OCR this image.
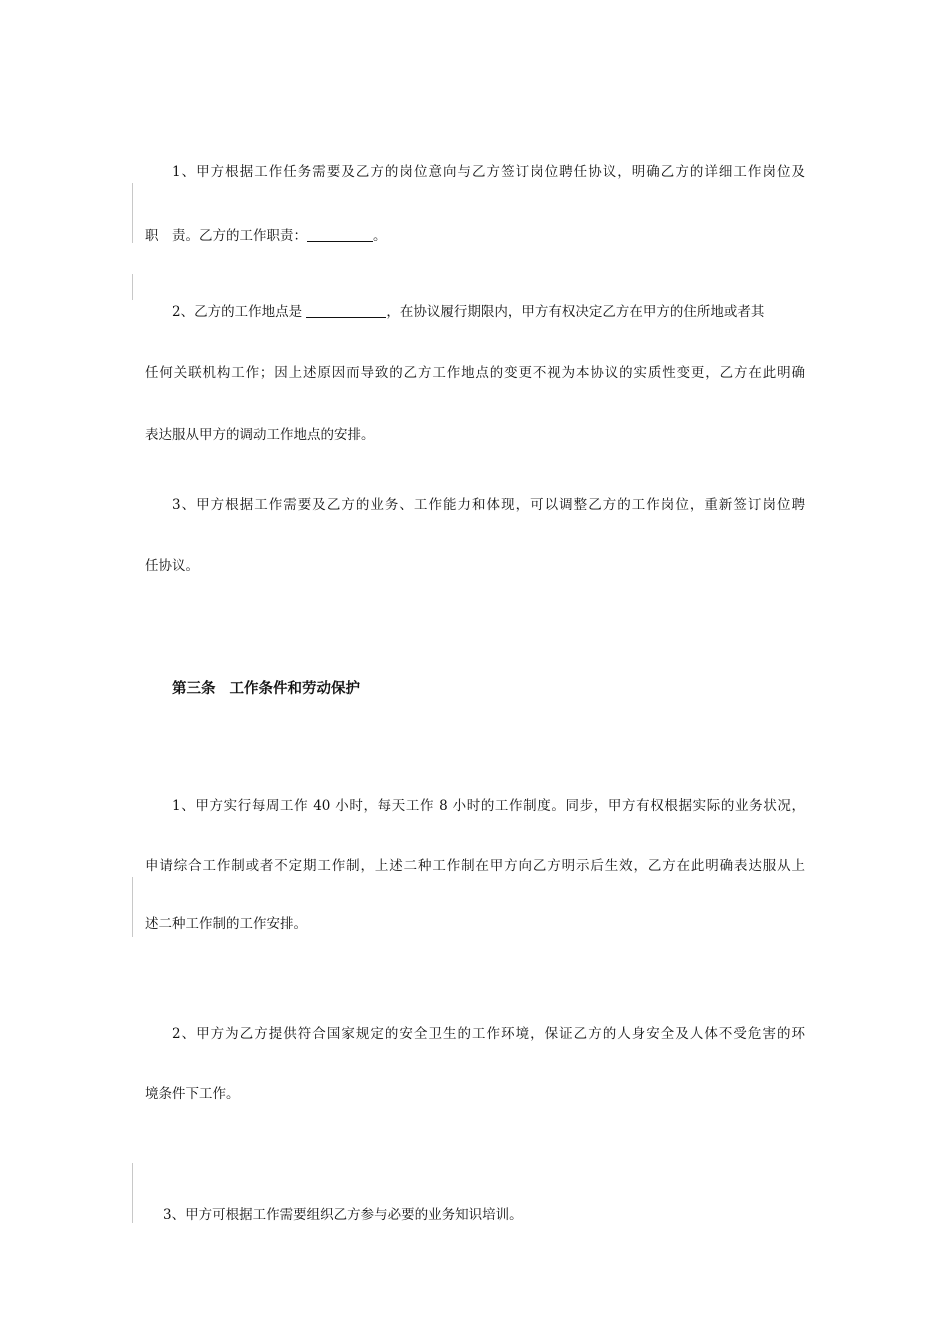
1、甲方根据工作任务需要及乙方的岗位意向与乙方签订岗位聘任协议，明确乙方的详细工作岗位及
职　责。乙方的工作职责：	。
2、乙方的工作地点是	，在协议履行期限内，甲方有权决定乙方在甲方的住所地或者其
任何关联机构工作；因上述原因而导致的乙方工作地点的变更不视为本协议的实质性变更，乙方在此明确
表达服从甲方的调动工作地点的安排。
3、甲方根据工作需要及乙方的业务、工作能力和体现，可以调整乙方的工作岗位，重新签订岗位聘
任协议。
第三条 工作条件和劳动保护
1、甲方实行每周工作 40 小时，每天工作 8 小时的工作制度。同步，甲方有权根据实际的业务状况，
申请综合工作制或者不定期工作制，上述二种工作制在甲方向乙方明示后生效，乙方在此明确表达服从上
述二种工作制的工作安排。
2、甲方为乙方提供符合国家规定的安全卫生的工作环境，保证乙方的人身安全及人体不受危害的环
境条件下工作。
3、甲方可根据工作需要组织乙方参与必要的业务知识培训。
